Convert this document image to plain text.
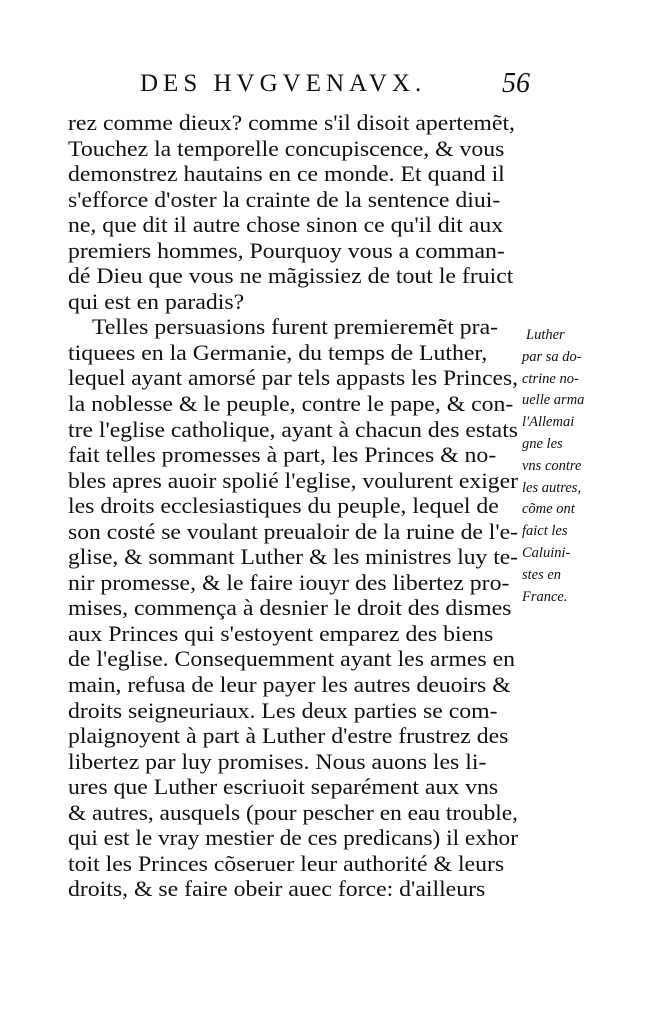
DES HVGVENAVX.	56
rez comme dieux? comme s'il disoit apertemẽt,
Touchez la temporelle concupiscence, & vous
demonstrez hautains en ce monde. Et quand il
s'efforce d'oster la crainte de la sentence diui-
ne, que dit il autre chose sinon ce qu'il dit aux
premiers hommes, Pourquoy vous a comman-
dé Dieu que vous ne mãgissiez de tout le fruict
qui est en paradis?
Telles persuasions furent premieremẽt pra-
tiquees en la Germanie, du temps de Luther,
lequel ayant amorsé par tels appasts les Princes,
la noblesse & le peuple, contre le pape, & con-
tre l'eglise catholique, ayant à chacun des estats
fait telles promesses à part, les Princes & no-
bles apres auoir spolié l'eglise, voulurent exiger
les droits ecclesiastiques du peuple, lequel de
son costé se voulant preualoir de la ruine de l'e-
glise, & sommant Luther & les ministres luy te-
nir promesse, & le faire iouyr des libertez pro-
mises, commença à desnier le droit des dismes
aux Princes qui s'estoyent emparez des biens
de l'eglise. Consequemment ayant les armes en
main, refusa de leur payer les autres deuoirs &
droits seigneuriaux. Les deux parties se com-
plaignoyent à part à Luther d'estre frustrez des
libertez par luy promises. Nous auons les li-
ures que Luther escriuoit separément aux vns
& autres, ausquels (pour pescher en eau trouble,
qui est le vray mestier de ces predicans) il exhor
toit les Princes cõseruer leur authorité & leurs
droits, & se faire obeir auec force: d'ailleurs
Luther
par sa do-
ctrine no-
uelle arma
l'Allemai
gne les
vns contre
les autres,
cõme ont
faict les
Caluini-
stes en
France.
